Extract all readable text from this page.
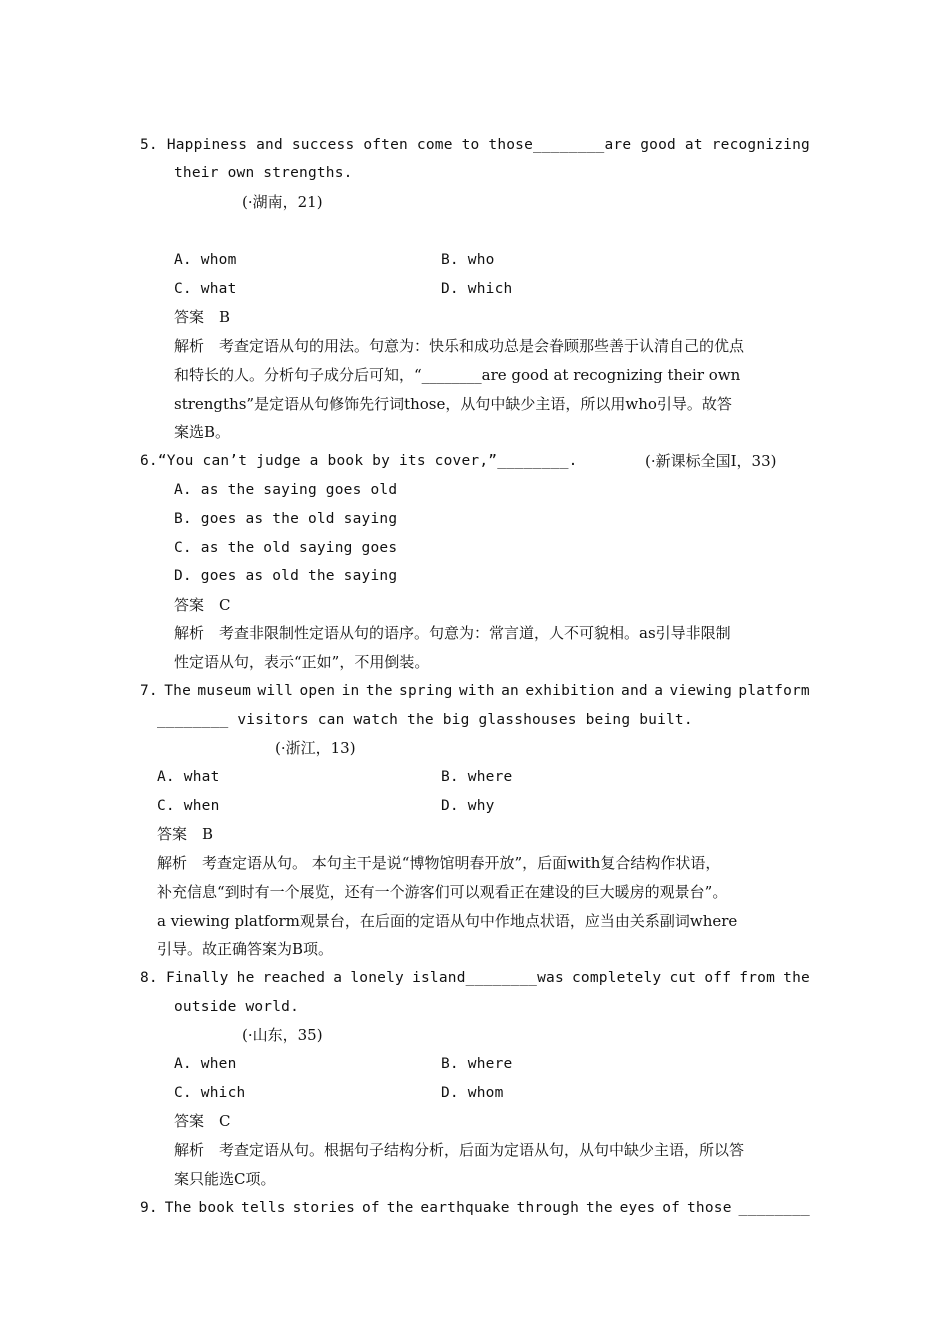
5. Happiness and success often come to those________are good at recognizing
their own strengths.
(·湖南，21)
A. whom	B. who
C. what	D. which
答案　B
解析　考查定语从句的用法。句意为：快乐和成功总是会眷顾那些善于认清自己的优点
和特长的人。分析句子成分后可知，“________are good at recognizing their own
strengths”是定语从句修饰先行词those，从句中缺少主语，所以用who引导。故答
案选B。
6.“You can’t judge a book by its cover,”________.	(·新课标全国Ⅰ，33)
A. as the saying goes old
B. goes as the old saying
C. as the old saying goes
D. goes as old the saying
答案　C
解析　考查非限制性定语从句的语序。句意为：常言道，人不可貌相。as引导非限制
性定语从句，表示“正如”，不用倒装。
7. The museum will open in the spring with an exhibition and a viewing platform
________ visitors can watch the big glasshouses being built.
(·浙江，13)
A. what	B. where
C. when	D. why
答案　B
解析　考查定语从句。 本句主干是说“博物馆明春开放”，后面with复合结构作状语，
补充信息“到时有一个展览，还有一个游客们可以观看正在建设的巨大暖房的观景台”。
a viewing platform观景台，在后面的定语从句中作地点状语，应当由关系副词where
引导。故正确答案为B项。
8. Finally he reached a lonely island________was completely cut off from the
outside world.
(·山东，35)
A. when	B. where
C. which	D. whom
答案　C
解析　考查定语从句。根据句子结构分析，后面为定语从句，从句中缺少主语，所以答
案只能选C项。
9. The book tells stories of the earthquake through the eyes of those ________
